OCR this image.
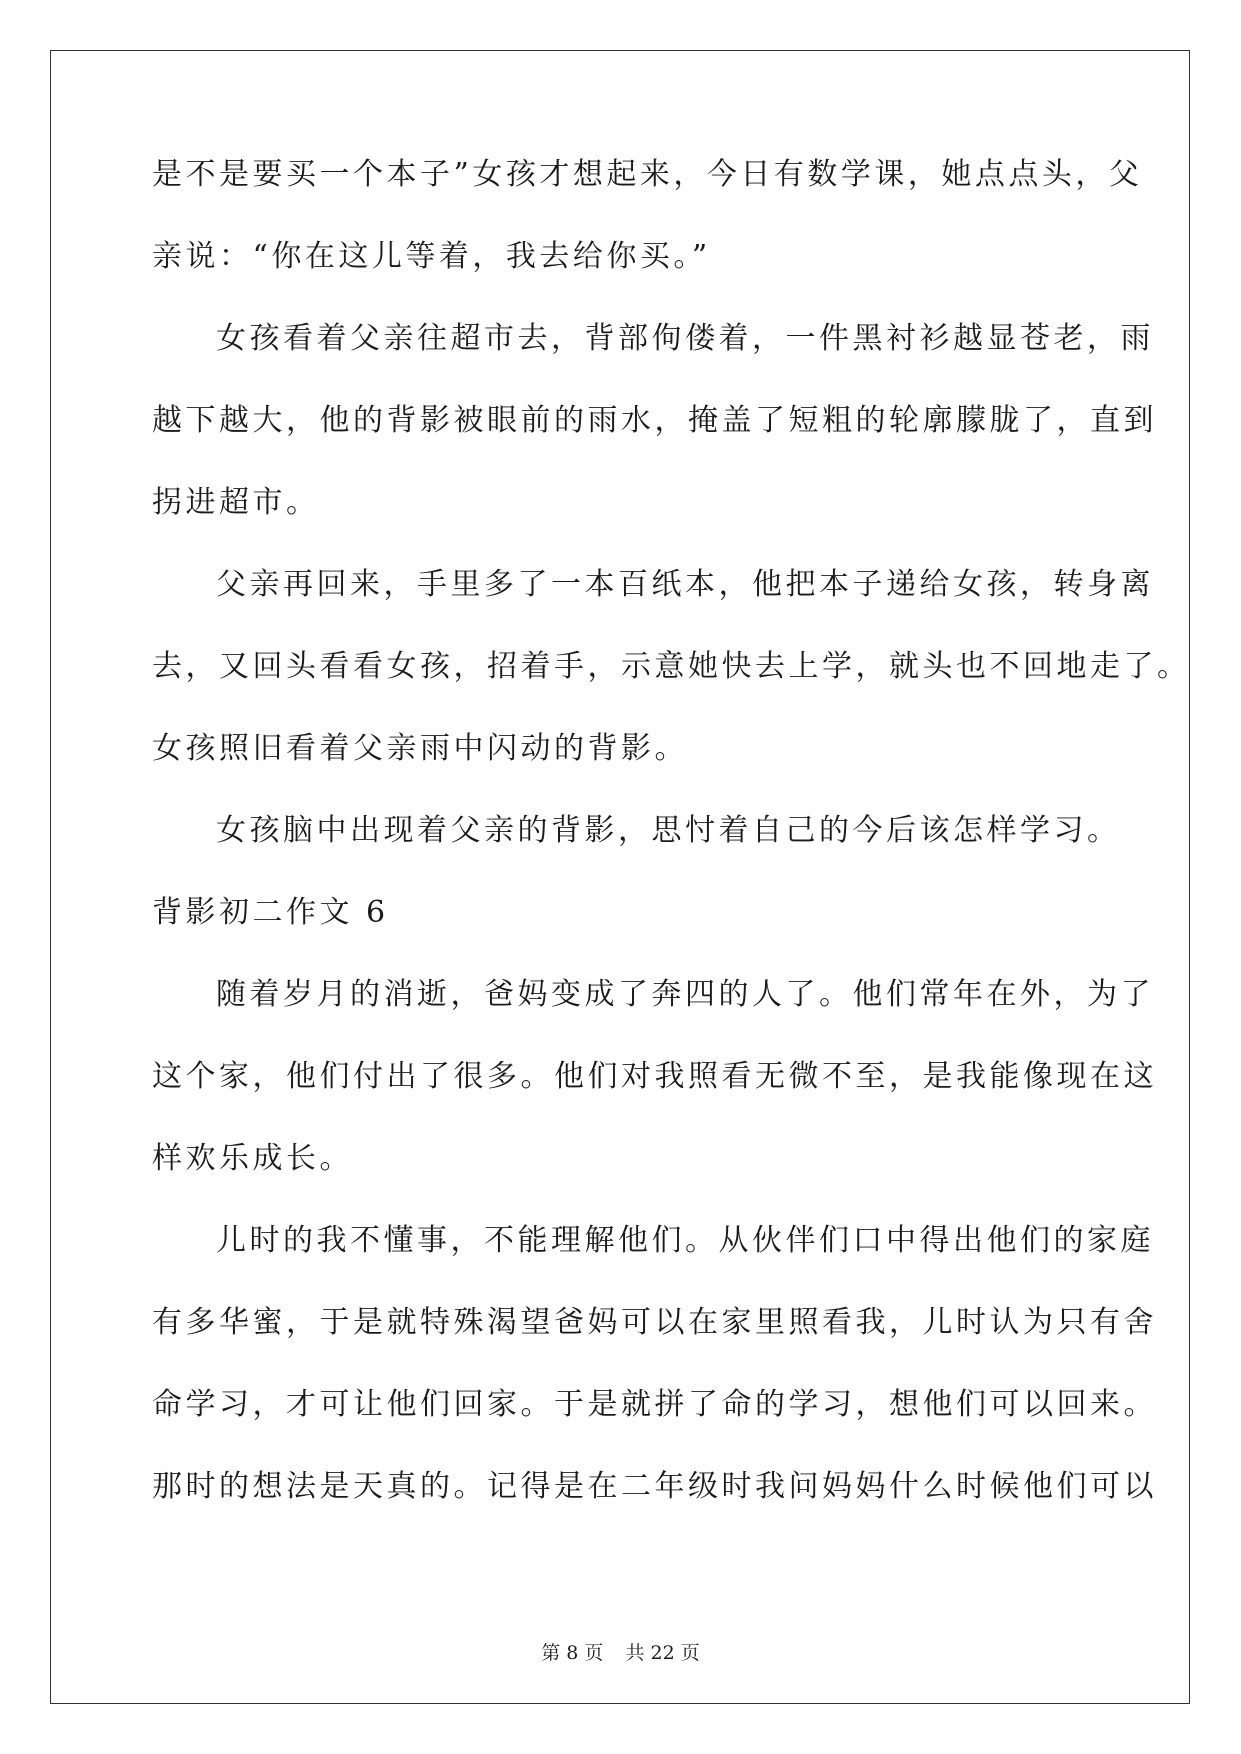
是不是要买一个本子”女孩才想起来，今日有数学课，她点点头，父
亲说：“你在这儿等着，我去给你买。”
女孩看着父亲往超市去，背部佝偻着，一件黑衬衫越显苍老，雨
越下越大，他的背影被眼前的雨水，掩盖了短粗的轮廓朦胧了，直到
拐进超市。
父亲再回来，手里多了一本百纸本，他把本子递给女孩，转身离
去，又回头看看女孩，招着手，示意她快去上学，就头也不回地走了。
女孩照旧看着父亲雨中闪动的背影。
女孩脑中出现着父亲的背影，思忖着自己的今后该怎样学习。
背影初二作文 6
随着岁月的消逝，爸妈变成了奔四的人了。他们常年在外，为了
这个家，他们付出了很多。他们对我照看无微不至，是我能像现在这
样欢乐成长。
儿时的我不懂事，不能理解他们。从伙伴们口中得出他们的家庭
有多华蜜，于是就特殊渴望爸妈可以在家里照看我，儿时认为只有舍
命学习，才可让他们回家。于是就拼了命的学习，想他们可以回来。
那时的想法是天真的。记得是在二年级时我问妈妈什么时候他们可以
第 8 页 共 22 页
